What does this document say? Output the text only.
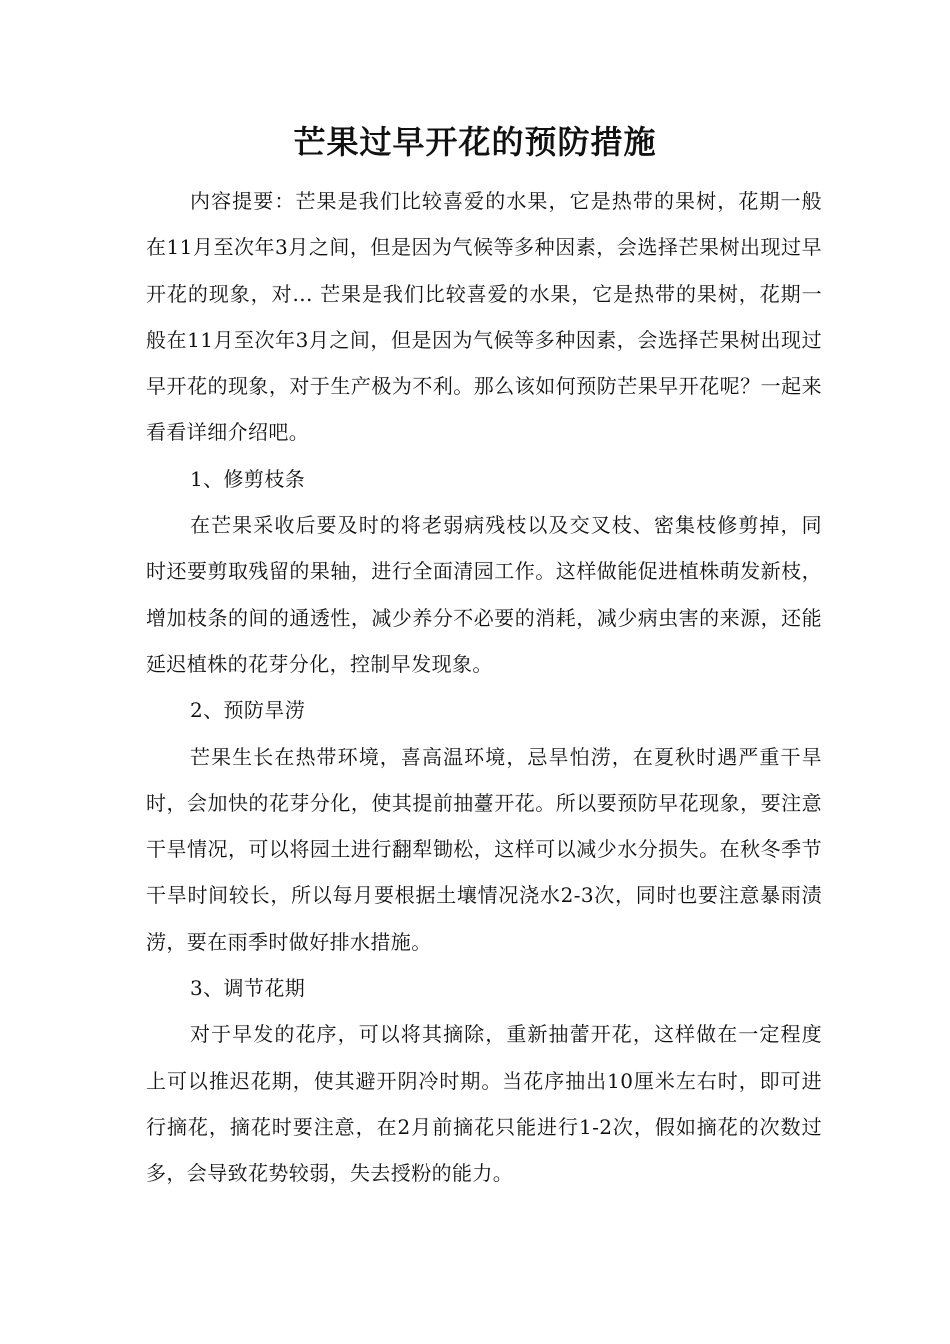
芒果过早开花的预防措施

内容提要：芒果是我们比较喜爱的水果，它是热带的果树，花期一般在11月至次年3月之间，但是因为气候等多种因素，会选择芒果树出现过早开花的现象，对... 芒果是我们比较喜爱的水果，它是热带的果树，花期一般在11月至次年3月之间，但是因为气候等多种因素，会选择芒果树出现过早开花的现象，对于生产极为不利。那么该如何预防芒果早开花呢？一起来看看详细介绍吧。

1、修剪枝条

在芒果采收后要及时的将老弱病残枝以及交叉枝、密集枝修剪掉，同时还要剪取残留的果轴，进行全面清园工作。这样做能促进植株萌发新枝，增加枝条的间的通透性，减少养分不必要的消耗，减少病虫害的来源，还能延迟植株的花芽分化，控制早发现象。

2、预防旱涝

芒果生长在热带环境，喜高温环境，忌旱怕涝，在夏秋时遇严重干旱时，会加快的花芽分化，使其提前抽薹开花。所以要预防早花现象，要注意干旱情况，可以将园土进行翻犁锄松，这样可以减少水分损失。在秋冬季节干旱时间较长，所以每月要根据土壤情况浇水2-3次，同时也要注意暴雨渍涝，要在雨季时做好排水措施。

3、调节花期

对于早发的花序，可以将其摘除，重新抽蕾开花，这样做在一定程度上可以推迟花期，使其避开阴冷时期。当花序抽出10厘米左右时，即可进行摘花，摘花时要注意，在2月前摘花只能进行1-2次，假如摘花的次数过多，会导致花势较弱，失去授粉的能力。
